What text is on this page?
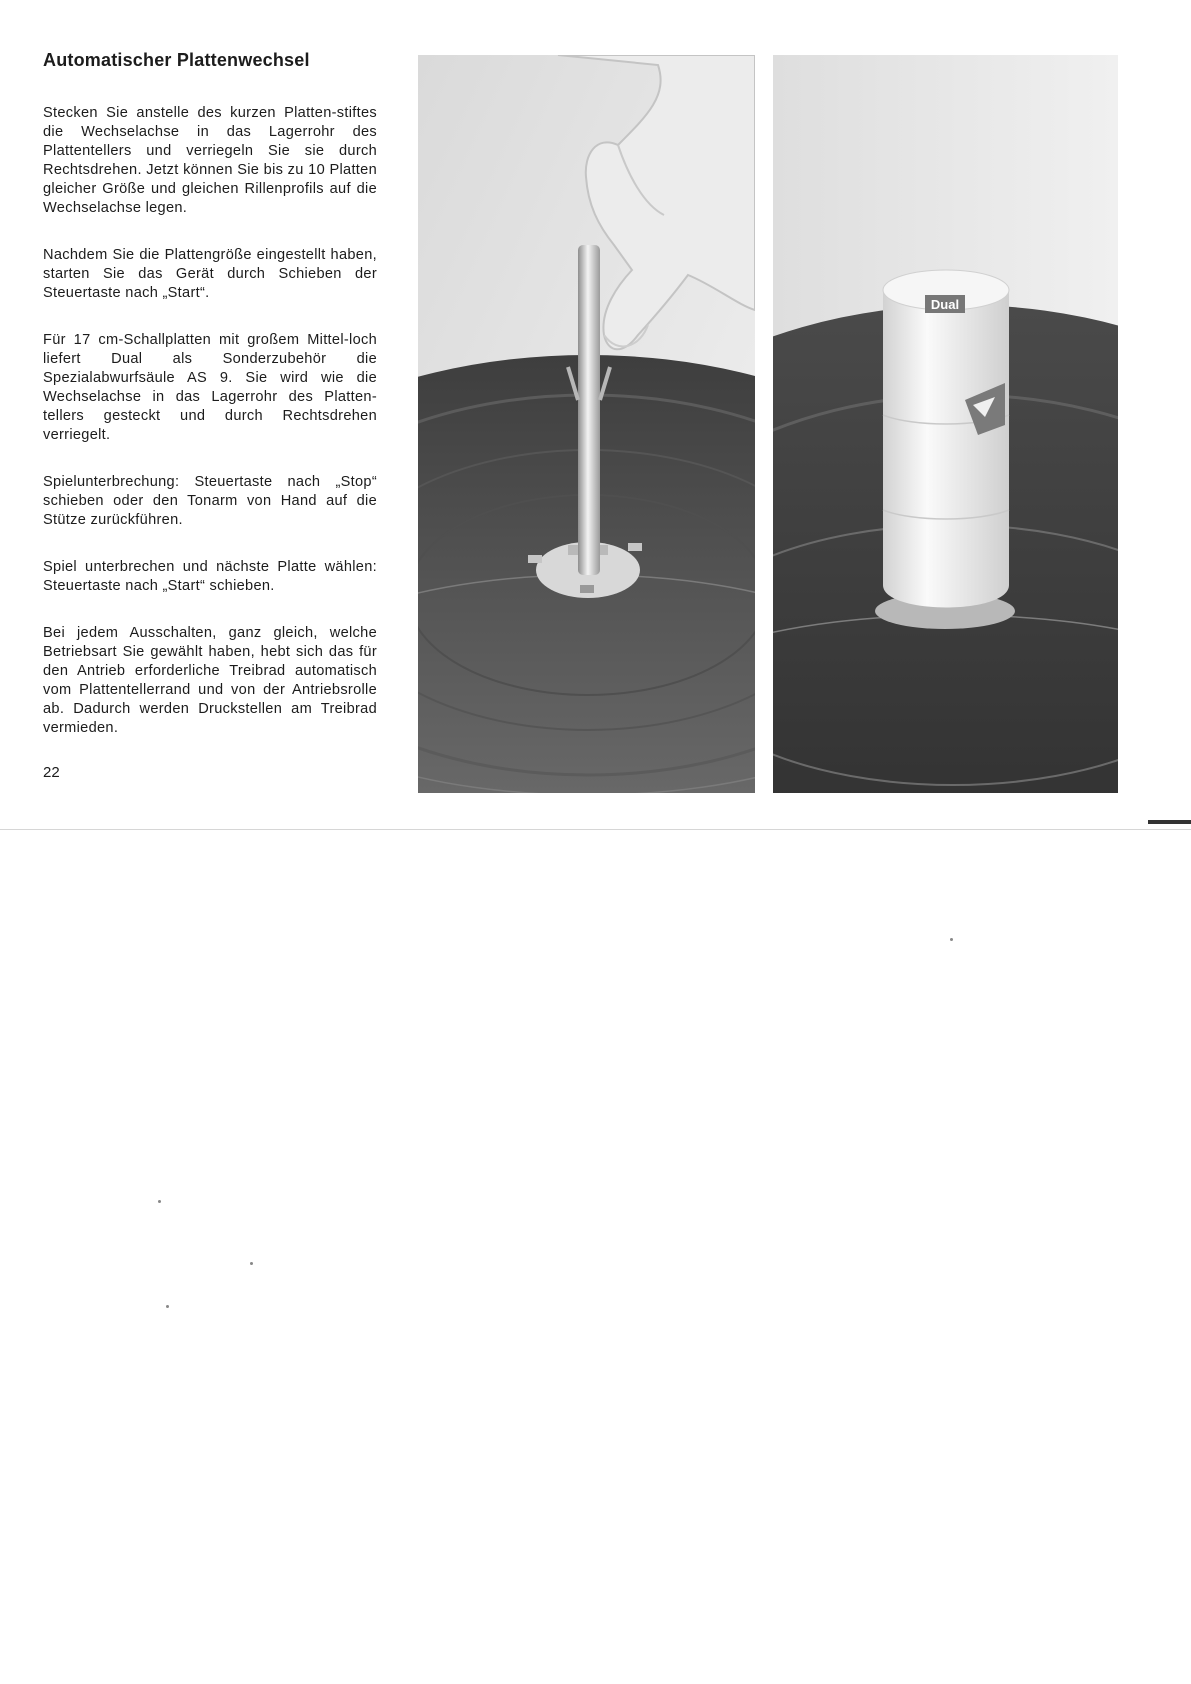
Automatischer Plattenwechsel

Stecken Sie anstelle des kurzen Platten-stiftes die Wechselachse in das Lagerrohr des Plattentellers und verriegeln Sie sie durch Rechtsdrehen. Jetzt können Sie bis zu 10 Platten gleicher Größe und gleichen Rillenprofils auf die Wechselachse legen.

Nachdem Sie die Plattengröße eingestellt haben, starten Sie das Gerät durch Schieben der Steuertaste nach „Start“.

Für 17 cm-Schallplatten mit großem Mittel-loch liefert Dual als Sonderzubehör die Spezialabwurfsäule AS 9. Sie wird wie die Wechselachse in das Lagerrohr des Platten-tellers gesteckt und durch Rechtsdrehen verriegelt.

Spielunterbrechung: Steuertaste nach „Stop“ schieben oder den Tonarm von Hand auf die Stütze zurückführen.

Spiel unterbrechen und nächste Platte wählen: Steuertaste nach „Start“ schieben.

Bei jedem Ausschalten, ganz gleich, welche Betriebsart Sie gewählt haben, hebt sich das für den Antrieb erforderliche Treibrad automatisch vom Plattentellerrand und von der Antriebsrolle ab. Dadurch werden Druckstellen am Treibrad vermieden.

22
Dual
